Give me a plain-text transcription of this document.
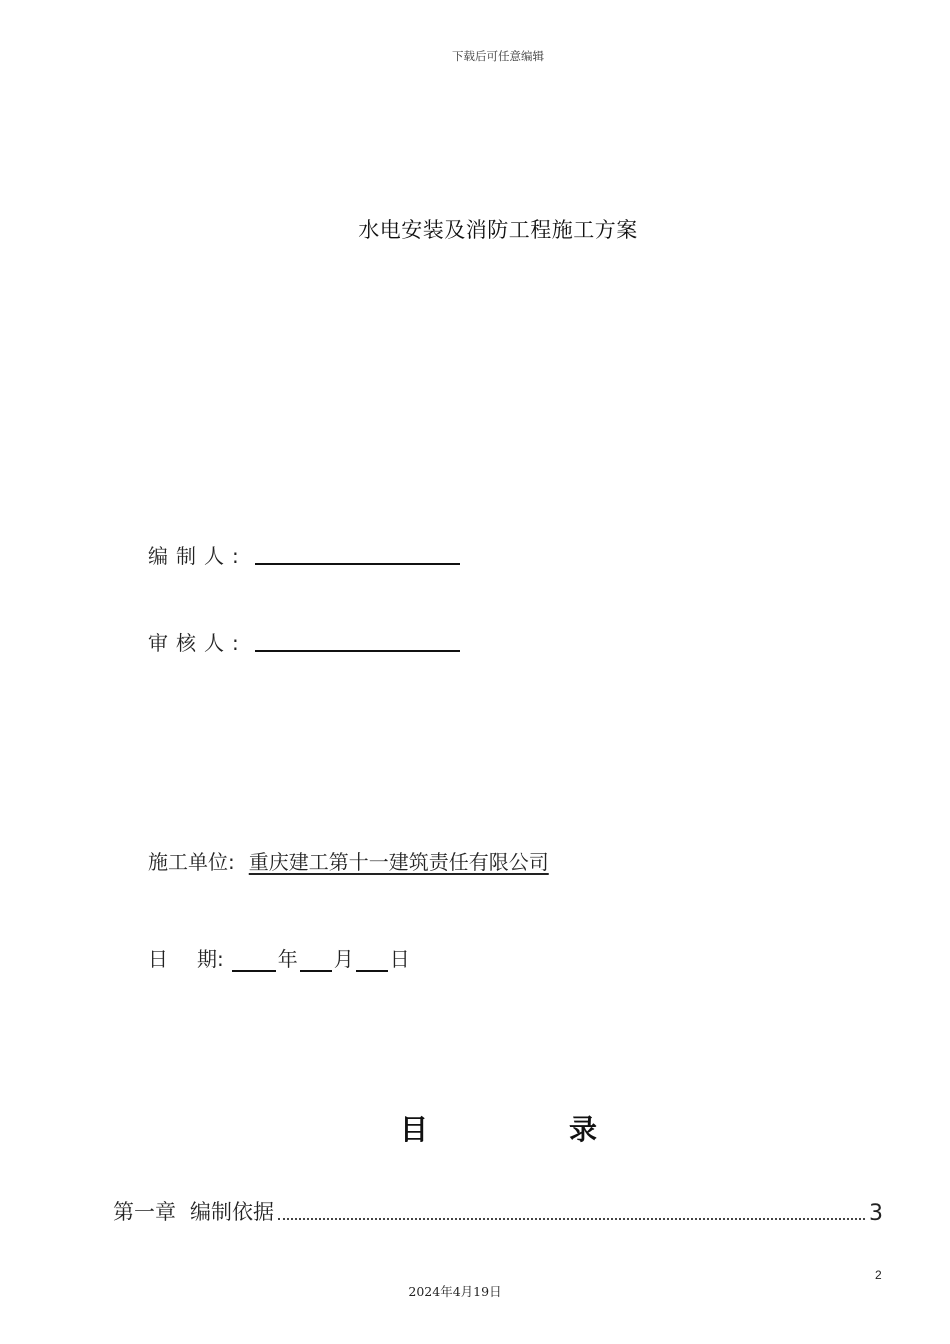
下载后可任意编辑
水电安装及消防工程施工方案
编制人:
审核人:
施工单位: 重庆建工第十一建筑责任有限公司
日 期:	年 月 日
目	录
第一章 编制依据	3
2
2024年4月19日
